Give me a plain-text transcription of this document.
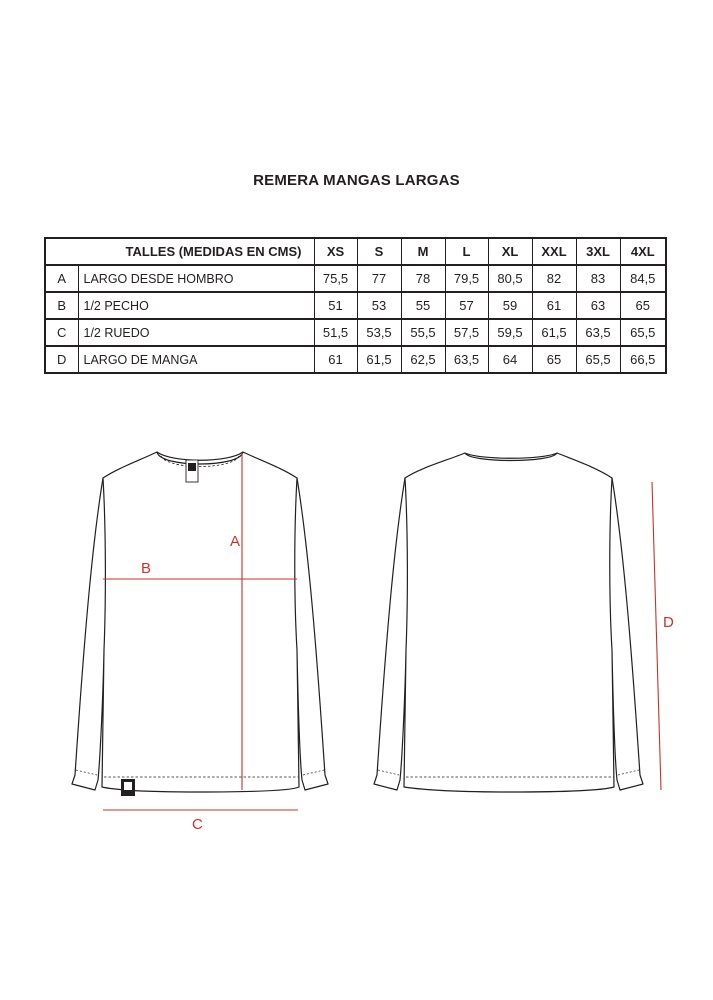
REMERA MANGAS LARGAS
TALLES (MEDIDAS EN CMS)		XS	S	M	L	XL	XXL	3XL	4XL
A	LARGO DESDE HOMBRO	75,5	77	78	79,5	80,5	82	83	84,5
B	1/2 PECHO	51	53	55	57	59	61	63	65
C	1/2 RUEDO	51,5	53,5	55,5	57,5	59,5	61,5	63,5	65,5
D	LARGO DE MANGA	61	61,5	62,5	63,5	64	65	65,5	66,5
A
B
C
D
